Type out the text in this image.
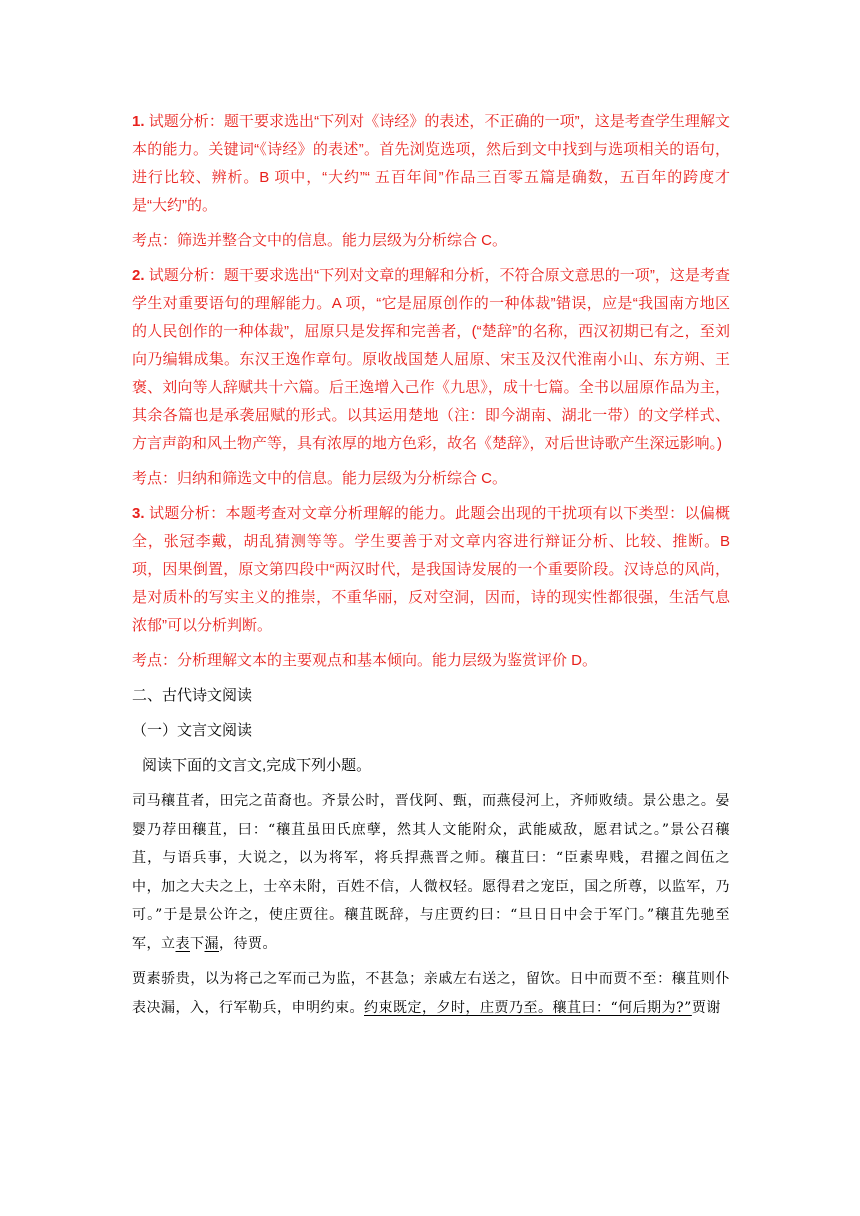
1. 试题分析：题干要求选出“下列对《诗经》的表述，不正确的一项”，这是考查学生理解文本的能力。关键词“《诗经》的表述”。首先浏览选项，然后到文中找到与选项相关的语句，进行比较、辨析。B 项中，“大约”“ 五百年间”作品三百零五篇是确数，五百年的跨度才是“大约”的。

考点：筛选并整合文中的信息。能力层级为分析综合 C。

2. 试题分析：题干要求选出“下列对文章的理解和分析，不符合原文意思的一项”，这是考查学生对重要语句的理解能力。A 项，“它是屈原创作的一种体裁”错误，应是“我国南方地区的人民创作的一种体裁”，屈原只是发挥和完善者，(“楚辞”的名称，西汉初期已有之，至刘向乃编辑成集。东汉王逸作章句。原收战国楚人屈原、宋玉及汉代淮南小山、东方朔、王褒、刘向等人辞赋共十六篇。后王逸增入己作《九思》，成十七篇。全书以屈原作品为主，其余各篇也是承袭屈赋的形式。以其运用楚地（注：即今湖南、湖北一带）的文学样式、方言声韵和风土物产等，具有浓厚的地方色彩，故名《楚辞》，对后世诗歌产生深远影响。)

考点：归纳和筛选文中的信息。能力层级为分析综合 C。

3. 试题分析：本题考查对文章分析理解的能力。此题会出现的干扰项有以下类型：以偏概全，张冠李戴，胡乱猜测等等。学生要善于对文章内容进行辩证分析、比较、推断。B 项，因果倒置，原文第四段中“两汉时代，是我国诗发展的一个重要阶段。汉诗总的风尚，是对质朴的写实主义的推崇，不重华丽，反对空洞，因而，诗的现实性都很强，生活气息浓郁”可以分析判断。

考点：分析理解文本的主要观点和基本倾向。能力层级为鉴赏评价 D。

二、古代诗文阅读

（一）文言文阅读

阅读下面的文言文,完成下列小题。

司马穰苴者，田完之苗裔也。齐景公时，晋伐阿、甄，而燕侵河上，齐师败绩。景公患之。晏婴乃荐田穰苴，曰：“穰苴虽田氏庶孽，然其人文能附众，武能威敌，愿君试之。”景公召穰苴，与语兵事，大说之，以为将军，将兵捍燕晋之师。穰苴曰：“臣素卑贱，君擢之闾伍之中，加之大夫之上，士卒未附，百姓不信，人微权轻。愿得君之宠臣，国之所尊，以监军，乃可。”于是景公许之，使庄贾往。穰苴既辞，与庄贾约曰：“旦日日中会于军门。”穰苴先驰至军，立表下漏，待贾。

贾素骄贵，以为将己之军而己为监，不甚急；亲戚左右送之，留饮。日中而贾不至：穰苴则仆表决漏，入，行军勒兵，申明约束。约束既定，夕时，庄贾乃至。穰苴曰：“何后期为?”贾谢
